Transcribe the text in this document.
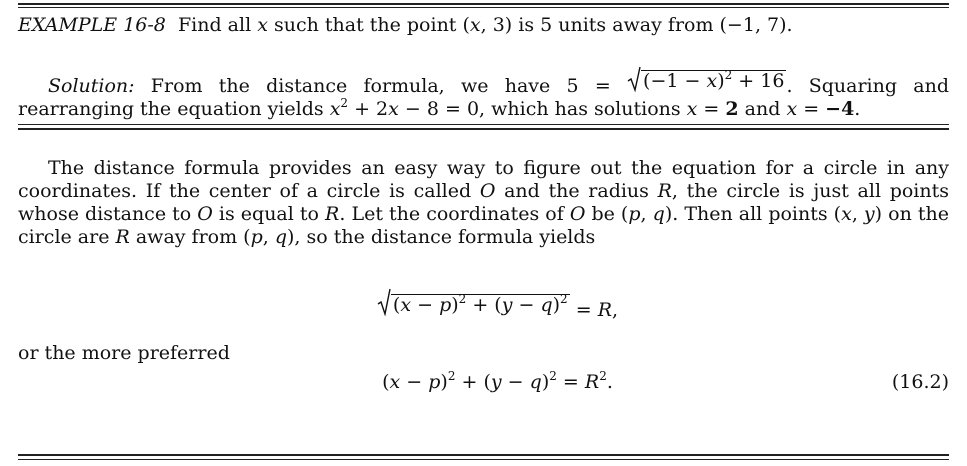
EXAMPLE 16-8  Find all x such that the point (x, 3) is 5 units away from (−1, 7).
Solution: From the distance formula, we have $5 = (-1 - x)^2 + 16$ . Squaring and rearranging the equation yields $x^2 + 2x - 8 = 0$, which has solutions x = 2 and x = −4.

The distance formula provides an easy way to figure out the equation for a circle in any coordinates. If the center of a circle is called O and the radius R, the circle is just all points whose distance to O is equal to R. Let the coordinates of O be (p, q). Then all points (x, y) on the circle are R away from (p, q), so the distance formula yields

$(x - p)^2 + (y - q)^2$
= R,
or the more preferred
$(x - p)^2 + (y - q)^2 = R^2$.	(16.2)
